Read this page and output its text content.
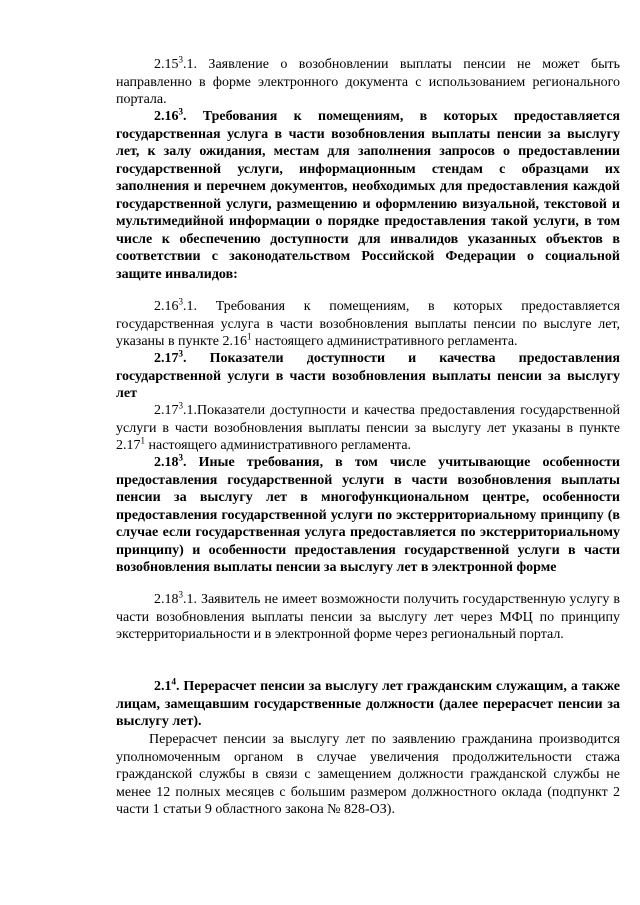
2.15$^3$.1. Заявление о возобновлении выплаты пенсии не может быть направленно в форме электронного документа с использованием регионального портала.

2.16$^3$. Требования к помещениям, в которых предоставляется государственная услуга в части возобновления выплаты пенсии за выслугу лет, к залу ожидания, местам для заполнения запросов о предоставлении государственной услуги, информационным стендам с образцами их заполнения и перечнем документов, необходимых для предоставления каждой государственной услуги, размещению и оформлению визуальной, текстовой и мультимедийной информации о порядке предоставления такой услуги, в том числе к обеспечению доступности для инвалидов указанных объектов в соответствии с законодательством Российской Федерации о социальной защите инвалидов:

2.16$^3$.1. Требования к помещениям, в которых предоставляется государственная услуга в части возобновления выплаты пенсии по выслуге лет, указаны в пункте 2.16$^1$ настоящего административного регламента.

2.17$^3$. Показатели доступности и качества предоставления государственной услуги в части возобновления выплаты пенсии за выслугу лет

2.17$^3$.1.Показатели доступности и качества предоставления государственной услуги в части возобновления выплаты пенсии за выслугу лет указаны в пункте 2.17$^1$ настоящего административного регламента.

2.18$^3$. Иные требования, в том числе учитывающие особенности предоставления государственной услуги в части возобновления выплаты пенсии за выслугу лет в многофункциональном центре, особенности предоставления государственной услуги по экстерриториальному принципу (в случае если государственная услуга предоставляется по экстерриториальному принципу) и особенности предоставления государственной услуги в части возобновления выплаты пенсии за выслугу лет в электронной форме

2.18$^3$.1. Заявитель не имеет возможности получить государственную услугу в части возобновления выплаты пенсии за выслугу лет через МФЦ по принципу экстерриториальности и в электронной форме через региональный портал.

$2.1^4$. Перерасчет пенсии за выслугу лет гражданским служащим, а также лицам, замещавшим государственные должности (далее перерасчет пенсии за выслугу лет).

Перерасчет пенсии за выслугу лет по заявлению гражданина производится уполномоченным органом в случае увеличения продолжительности стажа гражданской службы в связи с замещением должности гражданской службы не менее 12 полных месяцев с большим размером должностного оклада (подпункт 2 части 1 статьи 9 областного закона № 828-ОЗ).
